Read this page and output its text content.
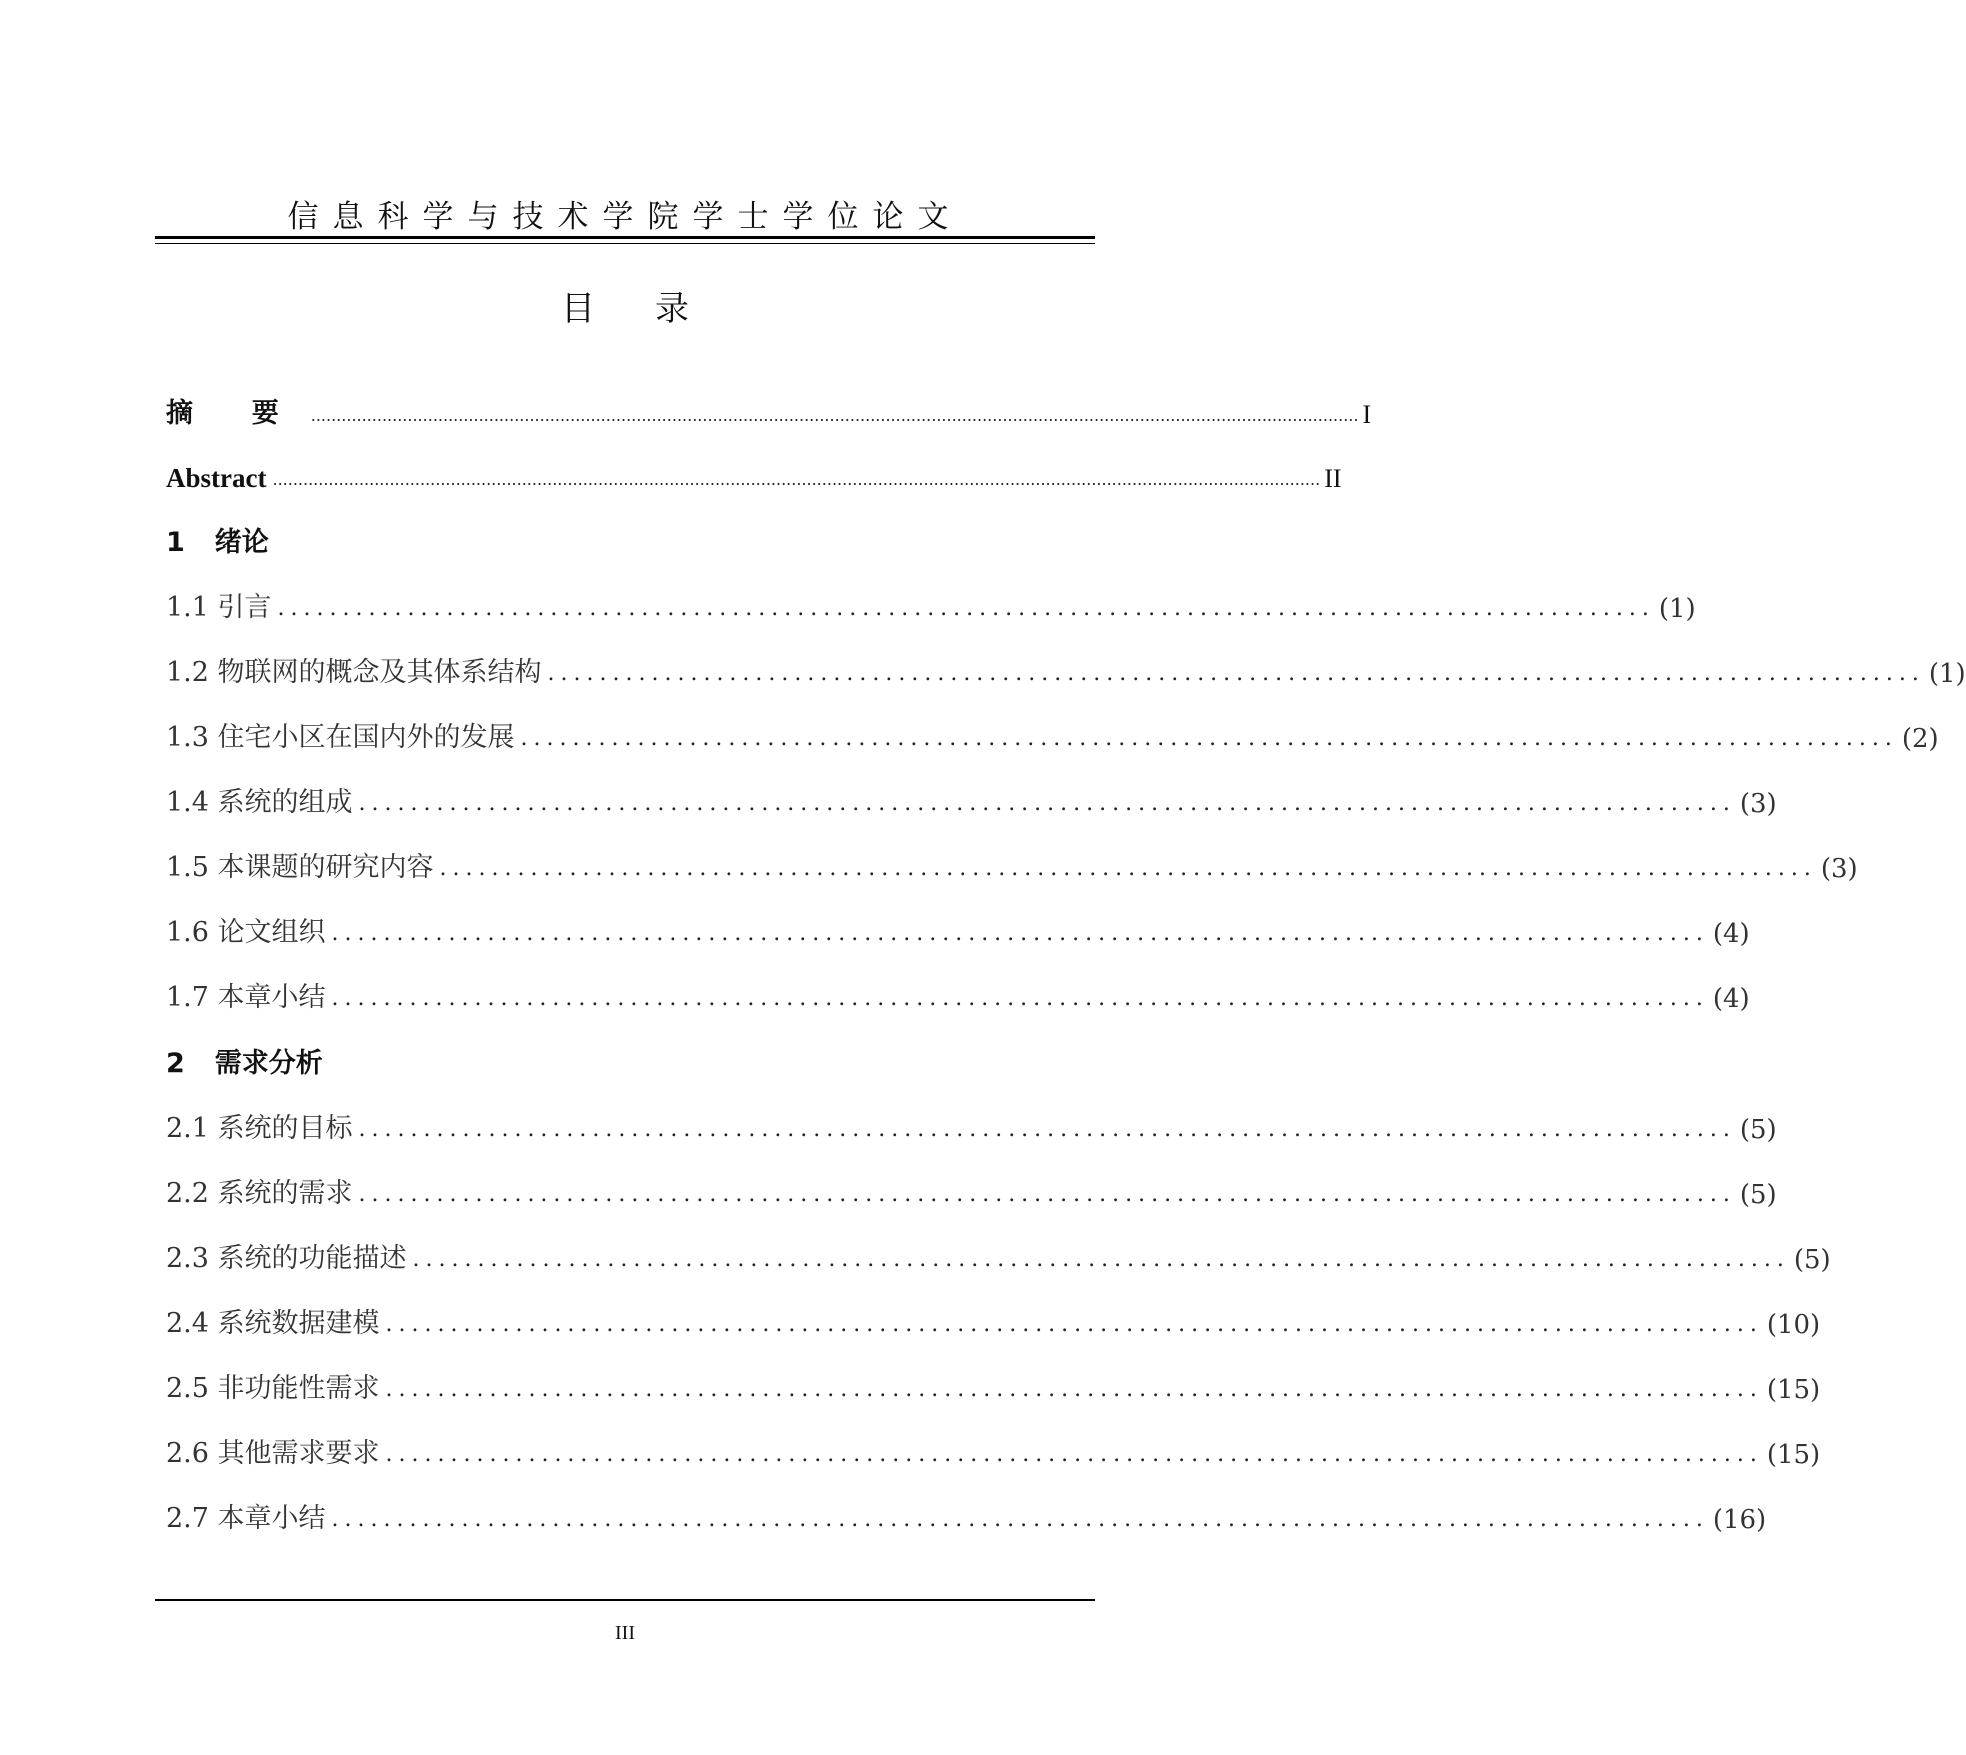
信息科学与技术学院学士学位论文
目 录
摘 要 .............................................................................................................................................................................................................. I
Abstract .............................................................................................................................................................................................................. II
1 绪论
1.1 引言 .......................................................................................................... (1)
1.2 物联网的概念及其体系结构 .......................................................................................................... (1)
1.3 住宅小区在国内外的发展 .......................................................................................................... (2)
1.4 系统的组成 .......................................................................................................... (3)
1.5 本课题的研究内容 .......................................................................................................... (3)
1.6 论文组织 .......................................................................................................... (4)
1.7 本章小结 .......................................................................................................... (4)
2 需求分析
2.1 系统的目标 .......................................................................................................... (5)
2.2 系统的需求 .......................................................................................................... (5)
2.3 系统的功能描述 .......................................................................................................... (5)
2.4 系统数据建模 .......................................................................................................... (10)
2.5 非功能性需求 .......................................................................................................... (15)
2.6 其他需求要求 .......................................................................................................... (15)
2.7 本章小结 .......................................................................................................... (16)
III
